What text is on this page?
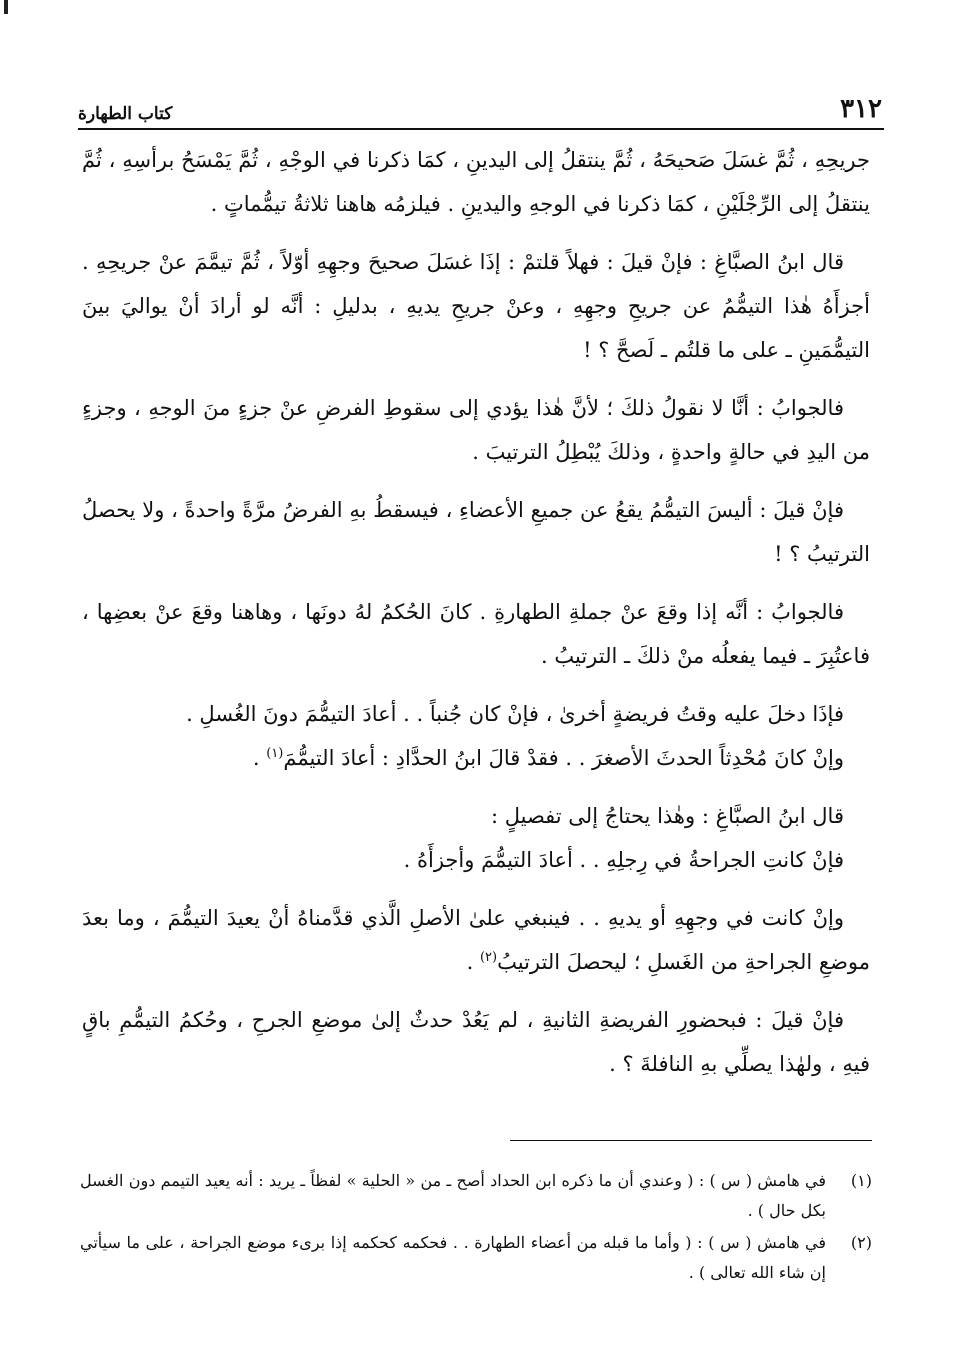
٣١٢
كتاب الطهارة

جريحِهِ ، ثُمَّ غسَلَ صَحيحَهُ ، ثُمَّ ينتقلُ إلى اليدينِ ، كمَا ذكرنا في الوجْهِ ، ثُمَّ يَمْسَحُ برأسِهِ ، ثُمَّ ينتقلُ إلى الرِّجْلَيْنِ ، كمَا ذكرنا في الوجهِ واليدينِ . فيلزمُه هاهنا ثلاثةُ تيمُّماتٍ .

قال ابنُ الصبَّاغِ : فإنْ قيلَ : فهلاً قلتمْ : إذَا غسَلَ صحيحَ وجهِهِ أوّلاً ، ثُمَّ تيمَّمَ عنْ جريحِهِ . أجزأَهُ هٰذا التيمُّمُ عن جريحِ وجهِهِ ، وعنْ جريحِ يديهِ ، بدليلِ : أنَّه لو أرادَ أنْ يواليَ بينَ التيمُّمَينِ ـ على ما قلتُم ـ لَصحَّ ؟ !

فالجوابُ : أنَّا لا نقولُ ذلكَ ؛ لأنَّ هٰذا يؤدي إلى سقوطِ الفرضِ عنْ جزءٍ منَ الوجهِ ، وجزءٍ من اليدِ في حالةٍ واحدةٍ ، وذلكَ يُبْطِلُ الترتيبَ .

فإنْ قيلَ : أليسَ التيمُّمُ يقعُ عن جميعِ الأعضاءِ ، فيسقطُ بهِ الفرضُ مرَّةً واحدةً ، ولا يحصلُ الترتيبُ ؟ !

فالجوابُ : أنَّه إذا وقعَ عنْ جملةِ الطهارةِ . كانَ الحُكمُ لهُ دونَها ، وهاهنا وقعَ عنْ بعضِها ، فاعتُبِرَ ـ فيما يفعلُه منْ ذلكَ ـ الترتيبُ .

فإذَا دخلَ عليه وقتُ فريضةٍ أخرىٰ ، فإنْ كان جُنباً . . أعادَ التيمُّمَ دونَ الغُسلِ .

وإنْ كانَ مُحْدِثاً الحدثَ الأصغرَ . . فقدْ قالَ ابنُ الحدَّادِ : أعادَ التيمُّمَ$^{(١)}$ .

قال ابنُ الصبَّاغِ : وهٰذا يحتاجُ إلى تفصيلٍ :

فإنْ كانتِ الجراحةُ في رِجلِهِ . . أعادَ التيمُّمَ وأجزأَهُ .

وإنْ كانت في وجهِهِ أو يديهِ . . فينبغي علىٰ الأصلِ الَّذي قدَّمناهُ أنْ يعيدَ التيمُّمَ ، وما بعدَ موضعِ الجراحةِ من الغَسلِ ؛ ليحصلَ الترتيبُ$^{(٢)}$ .

فإنْ قيلَ : فبحضورِ الفريضةِ الثانيةِ ، لم يَعُدْ حدثٌ إلىٰ موضعِ الجرحِ ، وحُكمُ التيمُّمِ باقٍ فيهِ ، ولهٰذا يصلِّي بهِ النافلةَ ؟ .

(١)
في هامش ( س ) : ( وعندي أن ما ذكره ابن الحداد أصح ـ من « الحلية » لفظاً ـ يريد : أنه يعيد التيمم دون الغسل بكل حال ) .
(٢)
في هامش ( س ) : ( وأما ما قبله من أعضاء الطهارة . . فحكمه كحكمه إذا برىء موضع الجراحة ، على ما سيأتي إن شاء الله تعالى ) .
